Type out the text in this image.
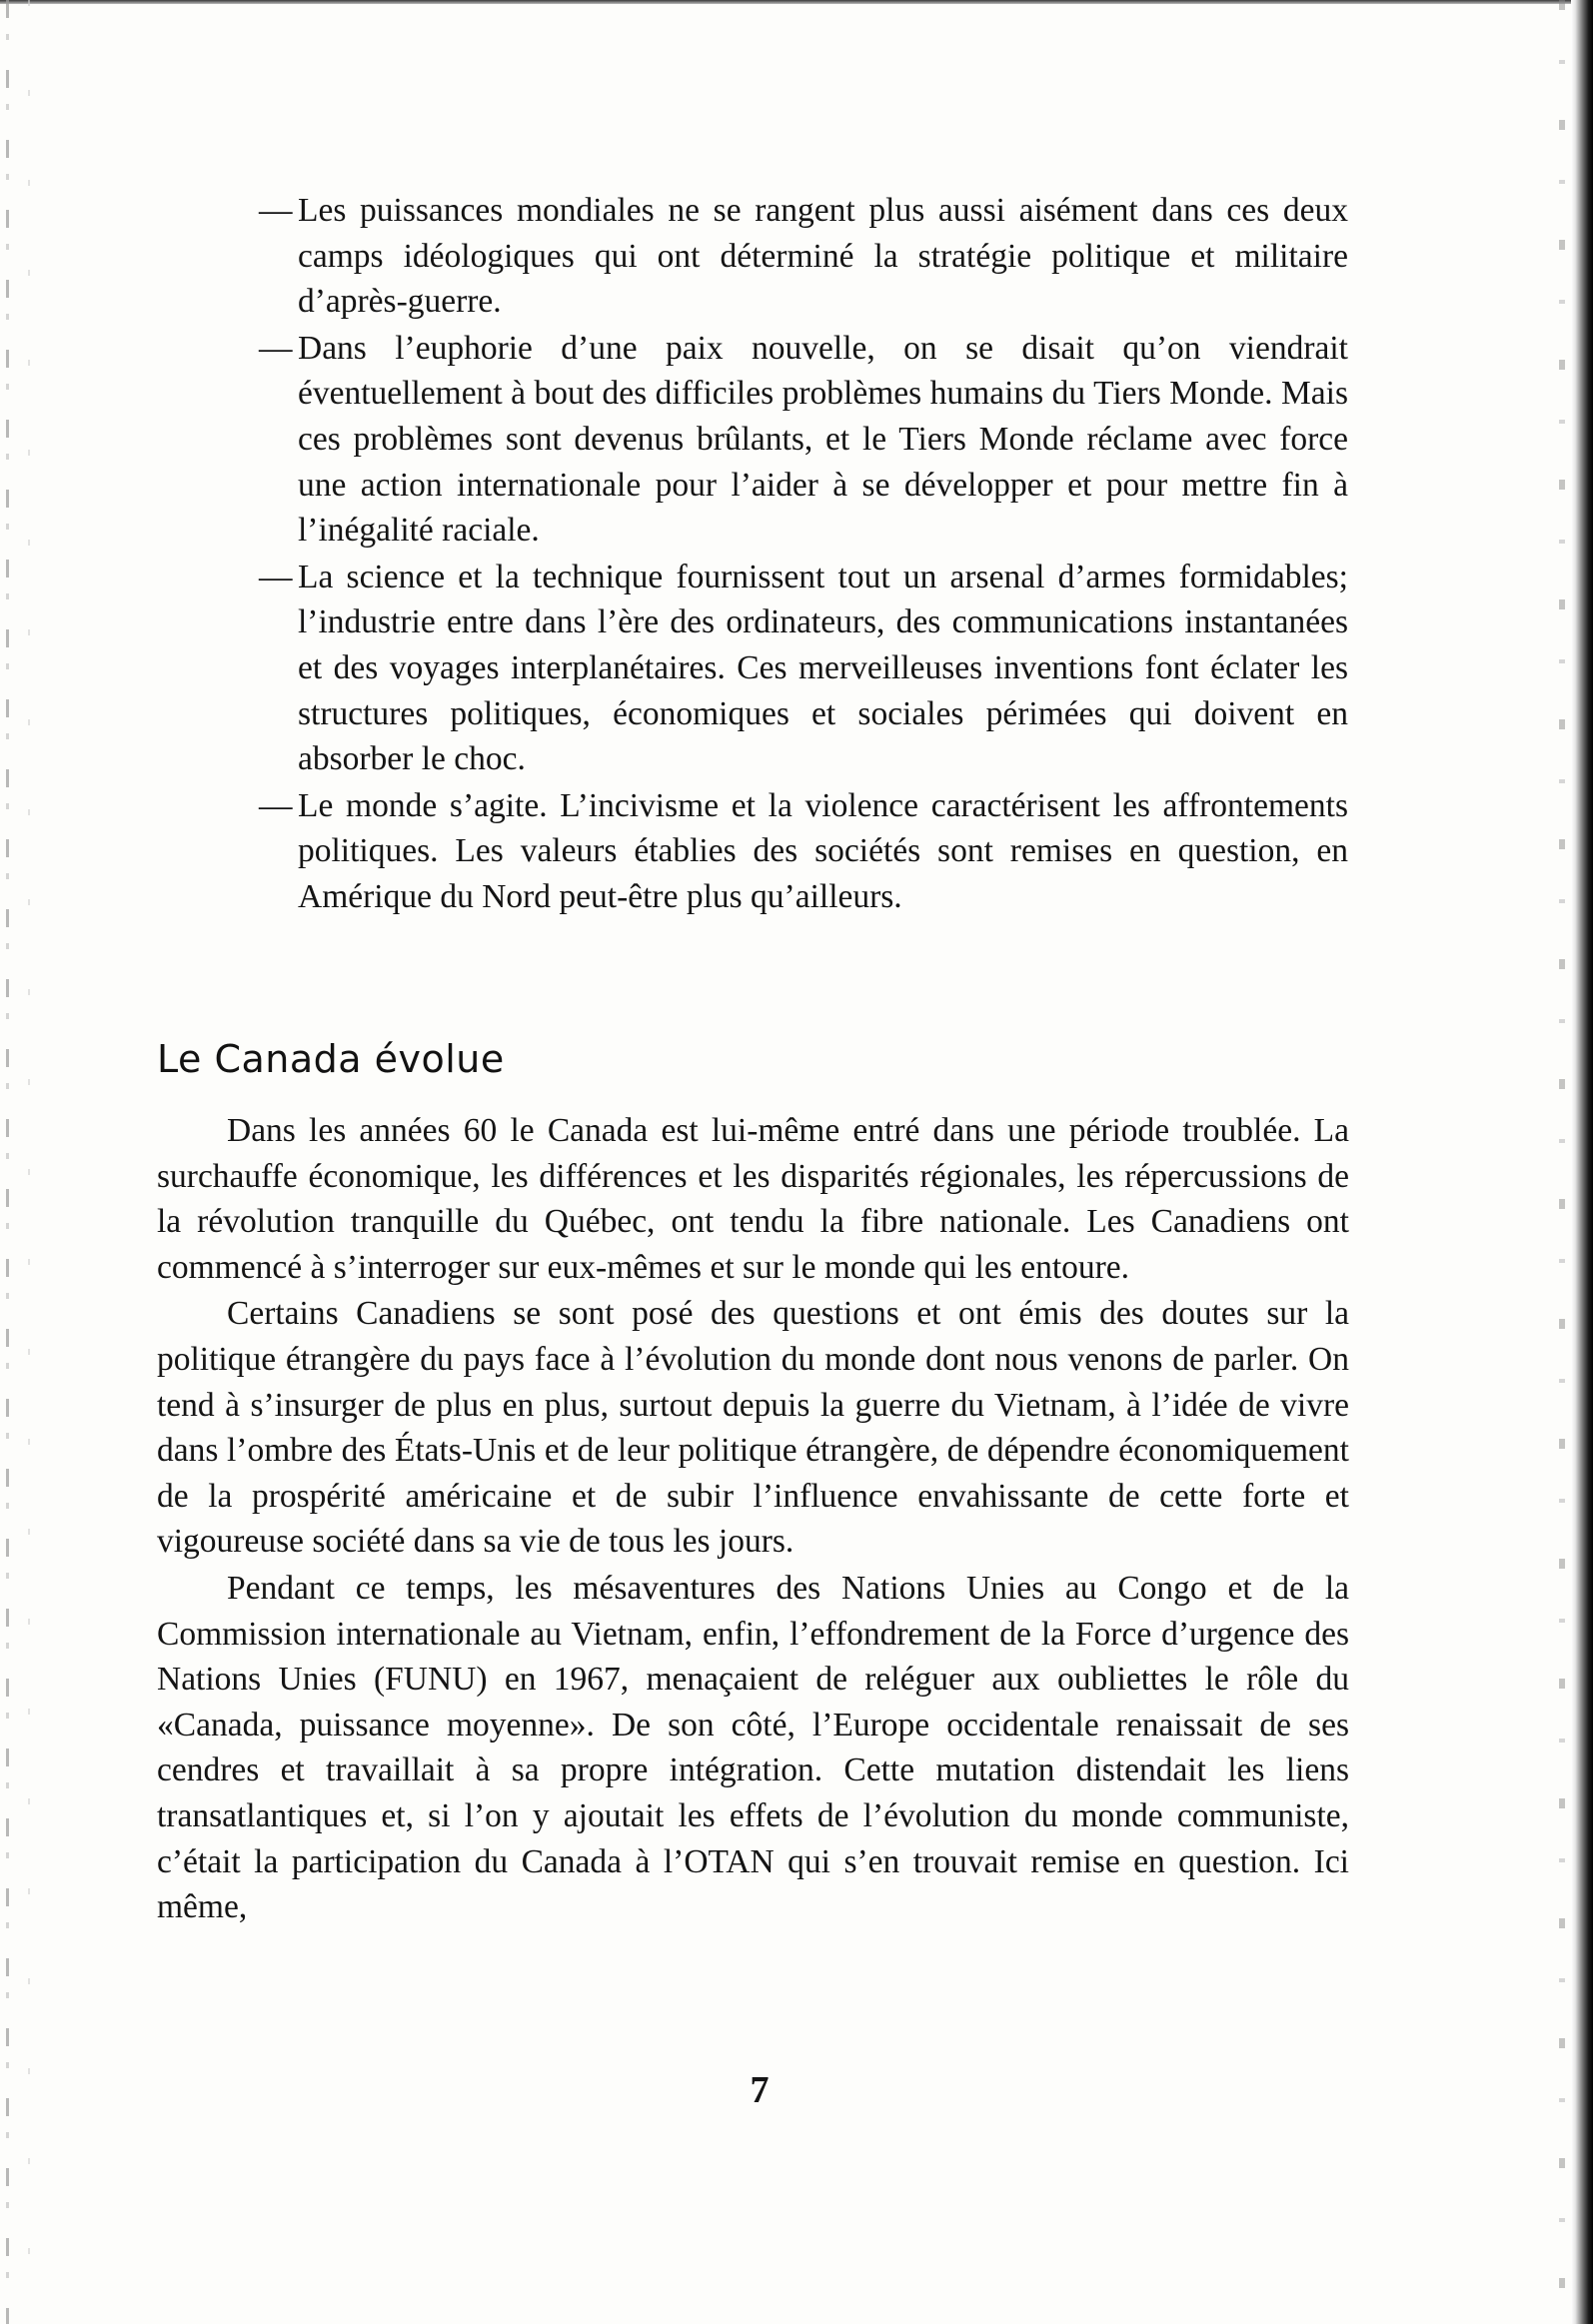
— Les puissances mondiales ne se rangent plus aussi aisément dans ces deux camps idéologiques qui ont déterminé la stratégie politique et militaire d’après-guerre.
— Dans l’euphorie d’une paix nouvelle, on se disait qu’on viendrait éventuellement à bout des difficiles problèmes humains du Tiers Monde. Mais ces problèmes sont devenus brûlants, et le Tiers Monde réclame avec force une action internationale pour l’aider à se développer et pour mettre fin à l’inégalité raciale.
— La science et la technique fournissent tout un arsenal d’armes formidables; l’industrie entre dans l’ère des ordinateurs, des communications instantanées et des voyages interplanétaires. Ces merveilleuses inventions font éclater les structures politiques, économiques et sociales périmées qui doivent en absorber le choc.
— Le monde s’agite. L’incivisme et la violence caractérisent les affrontements politiques. Les valeurs établies des sociétés sont remises en question, en Amérique du Nord peut-être plus qu’ailleurs.
Le Canada évolue

Dans les années 60 le Canada est lui-même entré dans une période troublée. La surchauffe économique, les différences et les disparités régionales, les répercussions de la révolution tranquille du Québec, ont tendu la fibre nationale. Les Canadiens ont commencé à s’interroger sur eux-mêmes et sur le monde qui les entoure.

Certains Canadiens se sont posé des questions et ont émis des doutes sur la politique étrangère du pays face à l’évolution du monde dont nous venons de parler. On tend à s’insurger de plus en plus, surtout depuis la guerre du Vietnam, à l’idée de vivre dans l’ombre des États-Unis et de leur politique étrangère, de dépendre économiquement de la prospérité américaine et de subir l’influence envahissante de cette forte et vigoureuse société dans sa vie de tous les jours.

Pendant ce temps, les mésaventures des Nations Unies au Congo et de la Commission internationale au Vietnam, enfin, l’effondrement de la Force d’urgence des Nations Unies (FUNU) en 1967, menaçaient de reléguer aux oubliettes le rôle du «Canada, puissance moyenne». De son côté, l’Europe occidentale renaissait de ses cendres et travaillait à sa propre intégration. Cette mutation distendait les liens transatlantiques et, si l’on y ajoutait les effets de l’évolution du monde communiste, c’était la participation du Canada à l’OTAN qui s’en trouvait remise en question. Ici même,

7
